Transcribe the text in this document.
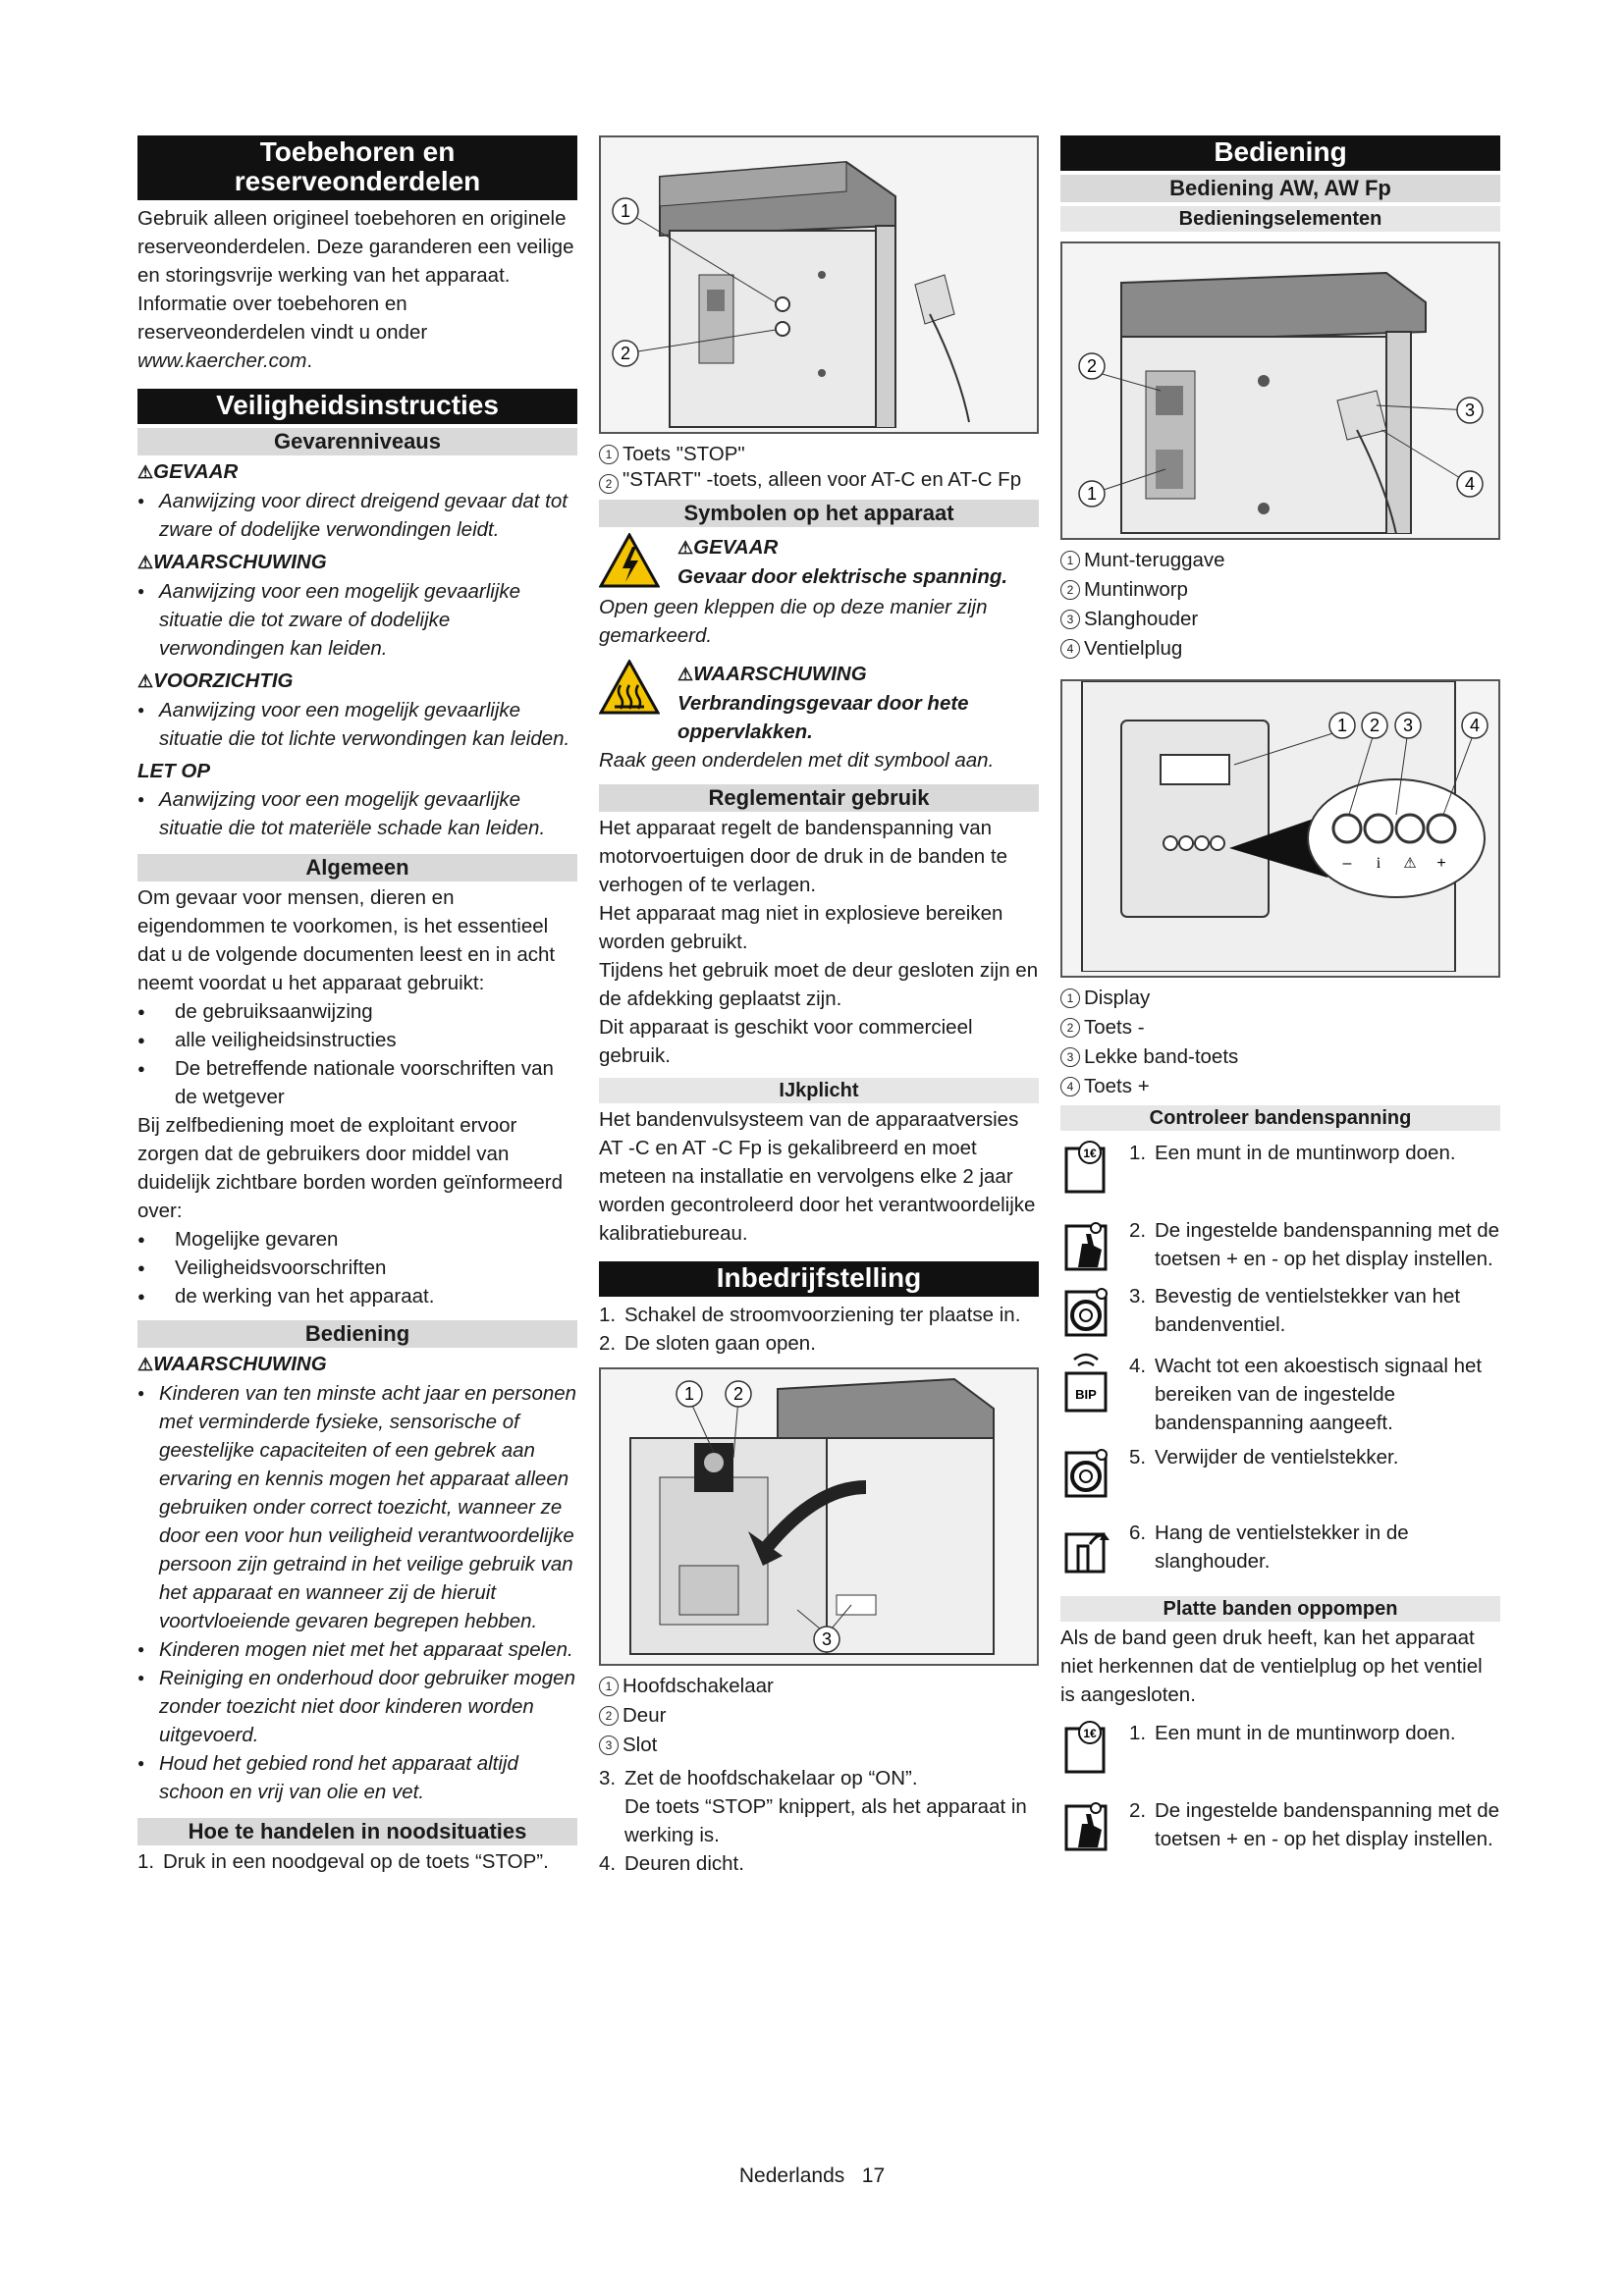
Toebehoren en reserveonderdelen

Gebruik alleen origineel toebehoren en originele reserveonderdelen. Deze garanderen een veilige en storingsvrije werking van het apparaat.

Informatie over toebehoren en reserveonderdelen vindt u onder www.kaercher.com.

Veiligheidsinstructies
Gevarenniveaus
⚠GEVAAR
● Aanwijzing voor direct dreigend gevaar dat tot zware of dodelijke verwondingen leidt.
⚠WAARSCHUWING
● Aanwijzing voor een mogelijk gevaarlijke situatie die tot zware of dodelijke verwondingen kan leiden.
⚠VOORZICHTIG
● Aanwijzing voor een mogelijk gevaarlijke situatie die tot lichte verwondingen kan leiden.
LET OP
● Aanwijzing voor een mogelijk gevaarlijke situatie die tot materiële schade kan leiden.
Algemeen

Om gevaar voor mensen, dieren en eigendommen te voorkomen, is het essentieel dat u de volgende documenten leest en in acht neemt voordat u het apparaat gebruikt:

● de gebruiksaanwijzing
● alle veiligheidsinstructies
● De betreffende nationale voorschriften van de wetgever

Bij zelfbediening moet de exploitant ervoor zorgen dat de gebruikers door middel van duidelijk zichtbare borden worden geïnformeerd over:

● Mogelijke gevaren
● Veiligheidsvoorschriften
● de werking van het apparaat.
Bediening
⚠WAARSCHUWING
● Kinderen van ten minste acht jaar en personen met verminderde fysieke, sensorische of geestelijke capaciteiten of een gebrek aan ervaring en kennis mogen het apparaat alleen gebruiken onder correct toezicht, wanneer ze door een voor hun veiligheid verantwoordelijke persoon zijn getraind in het veilige gebruik van het apparaat en wanneer zij de hieruit voortvloeiende gevaren begrepen hebben.
● Kinderen mogen niet met het apparaat spelen.
● Reiniging en onderhoud door gebruiker mogen zonder toezicht niet door kinderen worden uitgevoerd.
● Houd het gebied rond het apparaat altijd schoon en vrij van olie en vet.
Hoe te handelen in noodsituaties
1. Druk in een noodgeval op de toets “STOP”.
1
2
1 Toets "STOP"
2 "START" -toets, alleen voor AT-C en AT-C Fp
Symbolen op het apparaat
⚠GEVAAR
Gevaar door elektrische spanning.

Open geen kleppen die op deze manier zijn gemarkeerd.

⚠WAARSCHUWING
Verbrandingsgevaar door hete oppervlakken.

Raak geen onderdelen met dit symbool aan.

Reglementair gebruik

Het apparaat regelt de bandenspanning van motorvoertuigen door de druk in de banden te verhogen of te verlagen.

Het apparaat mag niet in explosieve bereiken worden gebruikt.

Tijdens het gebruik moet de deur gesloten zijn en de afdekking geplaatst zijn.

Dit apparaat is geschikt voor commercieel gebruik.

IJkplicht

Het bandenvulsysteem van de apparaatversies AT -C en AT -C Fp is gekalibreerd en moet meteen na installatie en vervolgens elke 2 jaar worden gecontroleerd door het verantwoordelijke kalibratiebureau.

Inbedrijfstelling
1. Schakel de stroomvoorziening ter plaatse in.
2. De sloten gaan open.
1 2
3
1 Hoofdschakelaar
2 Deur
3 Slot
3. Zet de hoofdschakelaar op “ON”.

De toets “STOP” knippert, als het apparaat in werking is.

4. Deuren dicht.
Bediening
Bediening AW, AW Fp
Bedieningselementen
1
2
3
4
1 Munt-teruggave
2 Muntinworp
3 Slanghouder
4 Ventielplug
– i ⚠ +
1 2 3	4
1 Display
2 Toets -
3 Lekke band-toets
4 Toets +
Controleer bandenspanning
1€ 1. Een munt in de muntinworp doen.
2. De ingestelde bandenspanning met de toetsen + en - op het display instellen.
3. Bevestig de ventielstekker van het bandenventiel.
BIP
4. Wacht tot een akoestisch signaal het bereiken van de ingestelde bandenspanning aangeeft.
5. Verwijder de ventielstekker.
6. Hang de ventielstekker in de slanghouder.
Platte banden oppompen

Als de band geen druk heeft, kan het apparaat niet herkennen dat de ventielplug op het ventiel is aangesloten.

1€ 1. Een munt in de muntinworp doen.
2. De ingestelde bandenspanning met de toetsen + en - op het display instellen.
Nederlands 17
